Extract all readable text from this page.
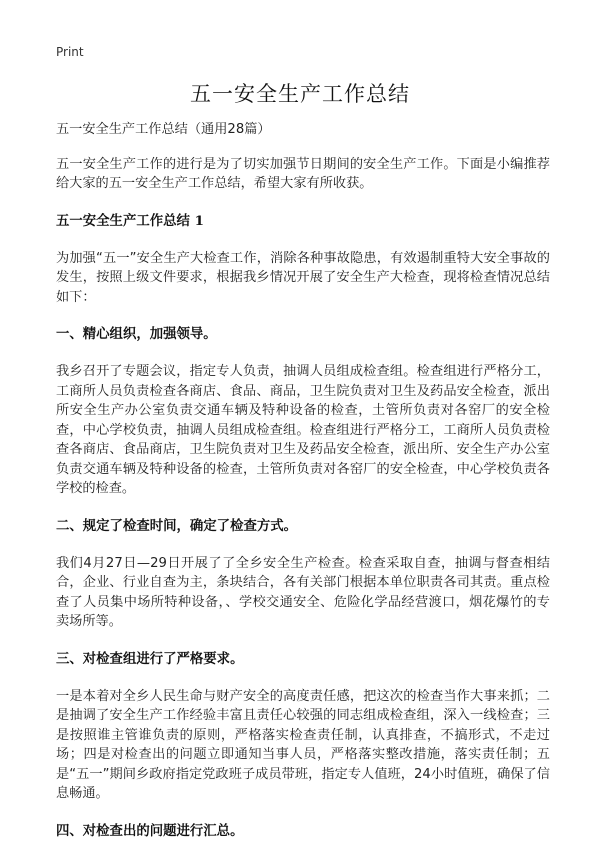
Print
五一安全生产工作总结

五一安全生产工作总结（通用28篇）

五一安全生产工作的进行是为了切实加强节日期间的安全生产工作。下面是小编推荐给大家的五一安全生产工作总结，希望大家有所收获。

五一安全生产工作总结 1

为加强“五一”安全生产大检查工作，消除各种事故隐患，有效遏制重特大安全事故的发生，按照上级文件要求，根据我乡情况开展了安全生产大检查，现将检查情况总结如下：

一、精心组织，加强领导。

我乡召开了专题会议，指定专人负责，抽调人员组成检查组。检查组进行严格分工，工商所人员负责检查各商店、食品、商品，卫生院负责对卫生及药品安全检查，派出所安全生产办公室负责交通车辆及特种设备的检查，土管所负责对各窑厂的安全检查，中心学校负责，抽调人员组成检查组。检查组进行严格分工，工商所人员负责检查各商店、食品商店，卫生院负责对卫生及药品安全检查，派出所、安全生产办公室负责交通车辆及特种设备的检查，土管所负责对各窑厂的安全检查，中心学校负责各学校的检查。

二、规定了检查时间，确定了检查方式。

我们4月27日—29日开展了了全乡安全生产检查。检查采取自查，抽调与督查相结合，企业、行业自查为主，条块结合，各有关部门根据本单位职责各司其责。重点检查了人员集中场所特种设备，、学校交通安全、危险化学品经营渡口，烟花爆竹的专卖场所等。

三、对检查组进行了严格要求。

一是本着对全乡人民生命与财产安全的高度责任感，把这次的检查当作大事来抓；二是抽调了安全生产工作经验丰富且责任心较强的同志组成检查组，深入一线检查；三是按照谁主管谁负责的原则，严格落实检查责任制，认真排查，不搞形式，不走过场；四是对检查出的问题立即通知当事人员，严格落实整改措施，落实责任制；五是“五一”期间乡政府指定党政班子成员带班，指定专人值班，24小时值班，确保了信息畅通。

四、对检查出的问题进行汇总。
